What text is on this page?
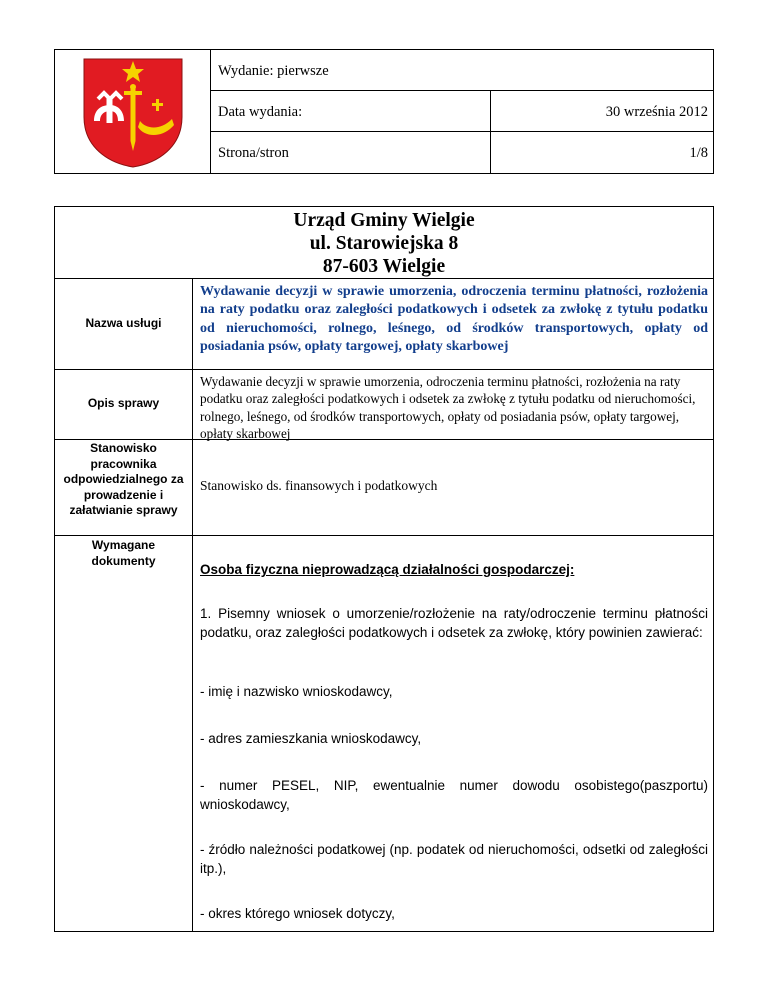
Wydanie: pierwsze
Data wydania:	30 września 2012
Strona/stron	1/8
Urząd Gminy Wielgie
ul. Starowiejska 8
87-603 Wielgie
Nazwa usługi
Wydawanie decyzji w sprawie umorzenia, odroczenia terminu płatności, rozłożenia na raty podatku oraz zaległości podatkowych i odsetek za zwłokę z tytułu podatku od nieruchomości, rolnego, leśnego, od środków transportowych, opłaty od posiadania psów, opłaty targowej, opłaty skarbowej
Opis sprawy
Wydawanie decyzji w sprawie umorzenia, odroczenia terminu płatności, rozłożenia na raty podatku oraz zaległości podatkowych i odsetek za zwłokę z tytułu podatku od nieruchomości, rolnego, leśnego, od środków transportowych, opłaty od posiadania psów, opłaty targowej, opłaty skarbowej
Stanowisko pracownika odpowiedzialnego za prowadzenie i załatwianie sprawy
Stanowisko ds. finansowych i podatkowych
Wymagane dokumenty
Osoba fizyczna nieprowadzącą działalności gospodarczej:
1. Pisemny wniosek o umorzenie/rozłożenie na raty/odroczenie terminu płatności podatku, oraz zaległości podatkowych i odsetek za zwłokę, który powinien zawierać:
- imię i nazwisko wnioskodawcy,
- adres zamieszkania wnioskodawcy,
- numer PESEL, NIP, ewentualnie numer dowodu osobistego(paszportu) wnioskodawcy,
- źródło należności podatkowej (np. podatek od nieruchomości, odsetki od zaległości itp.),
- okres którego wniosek dotyczy,
